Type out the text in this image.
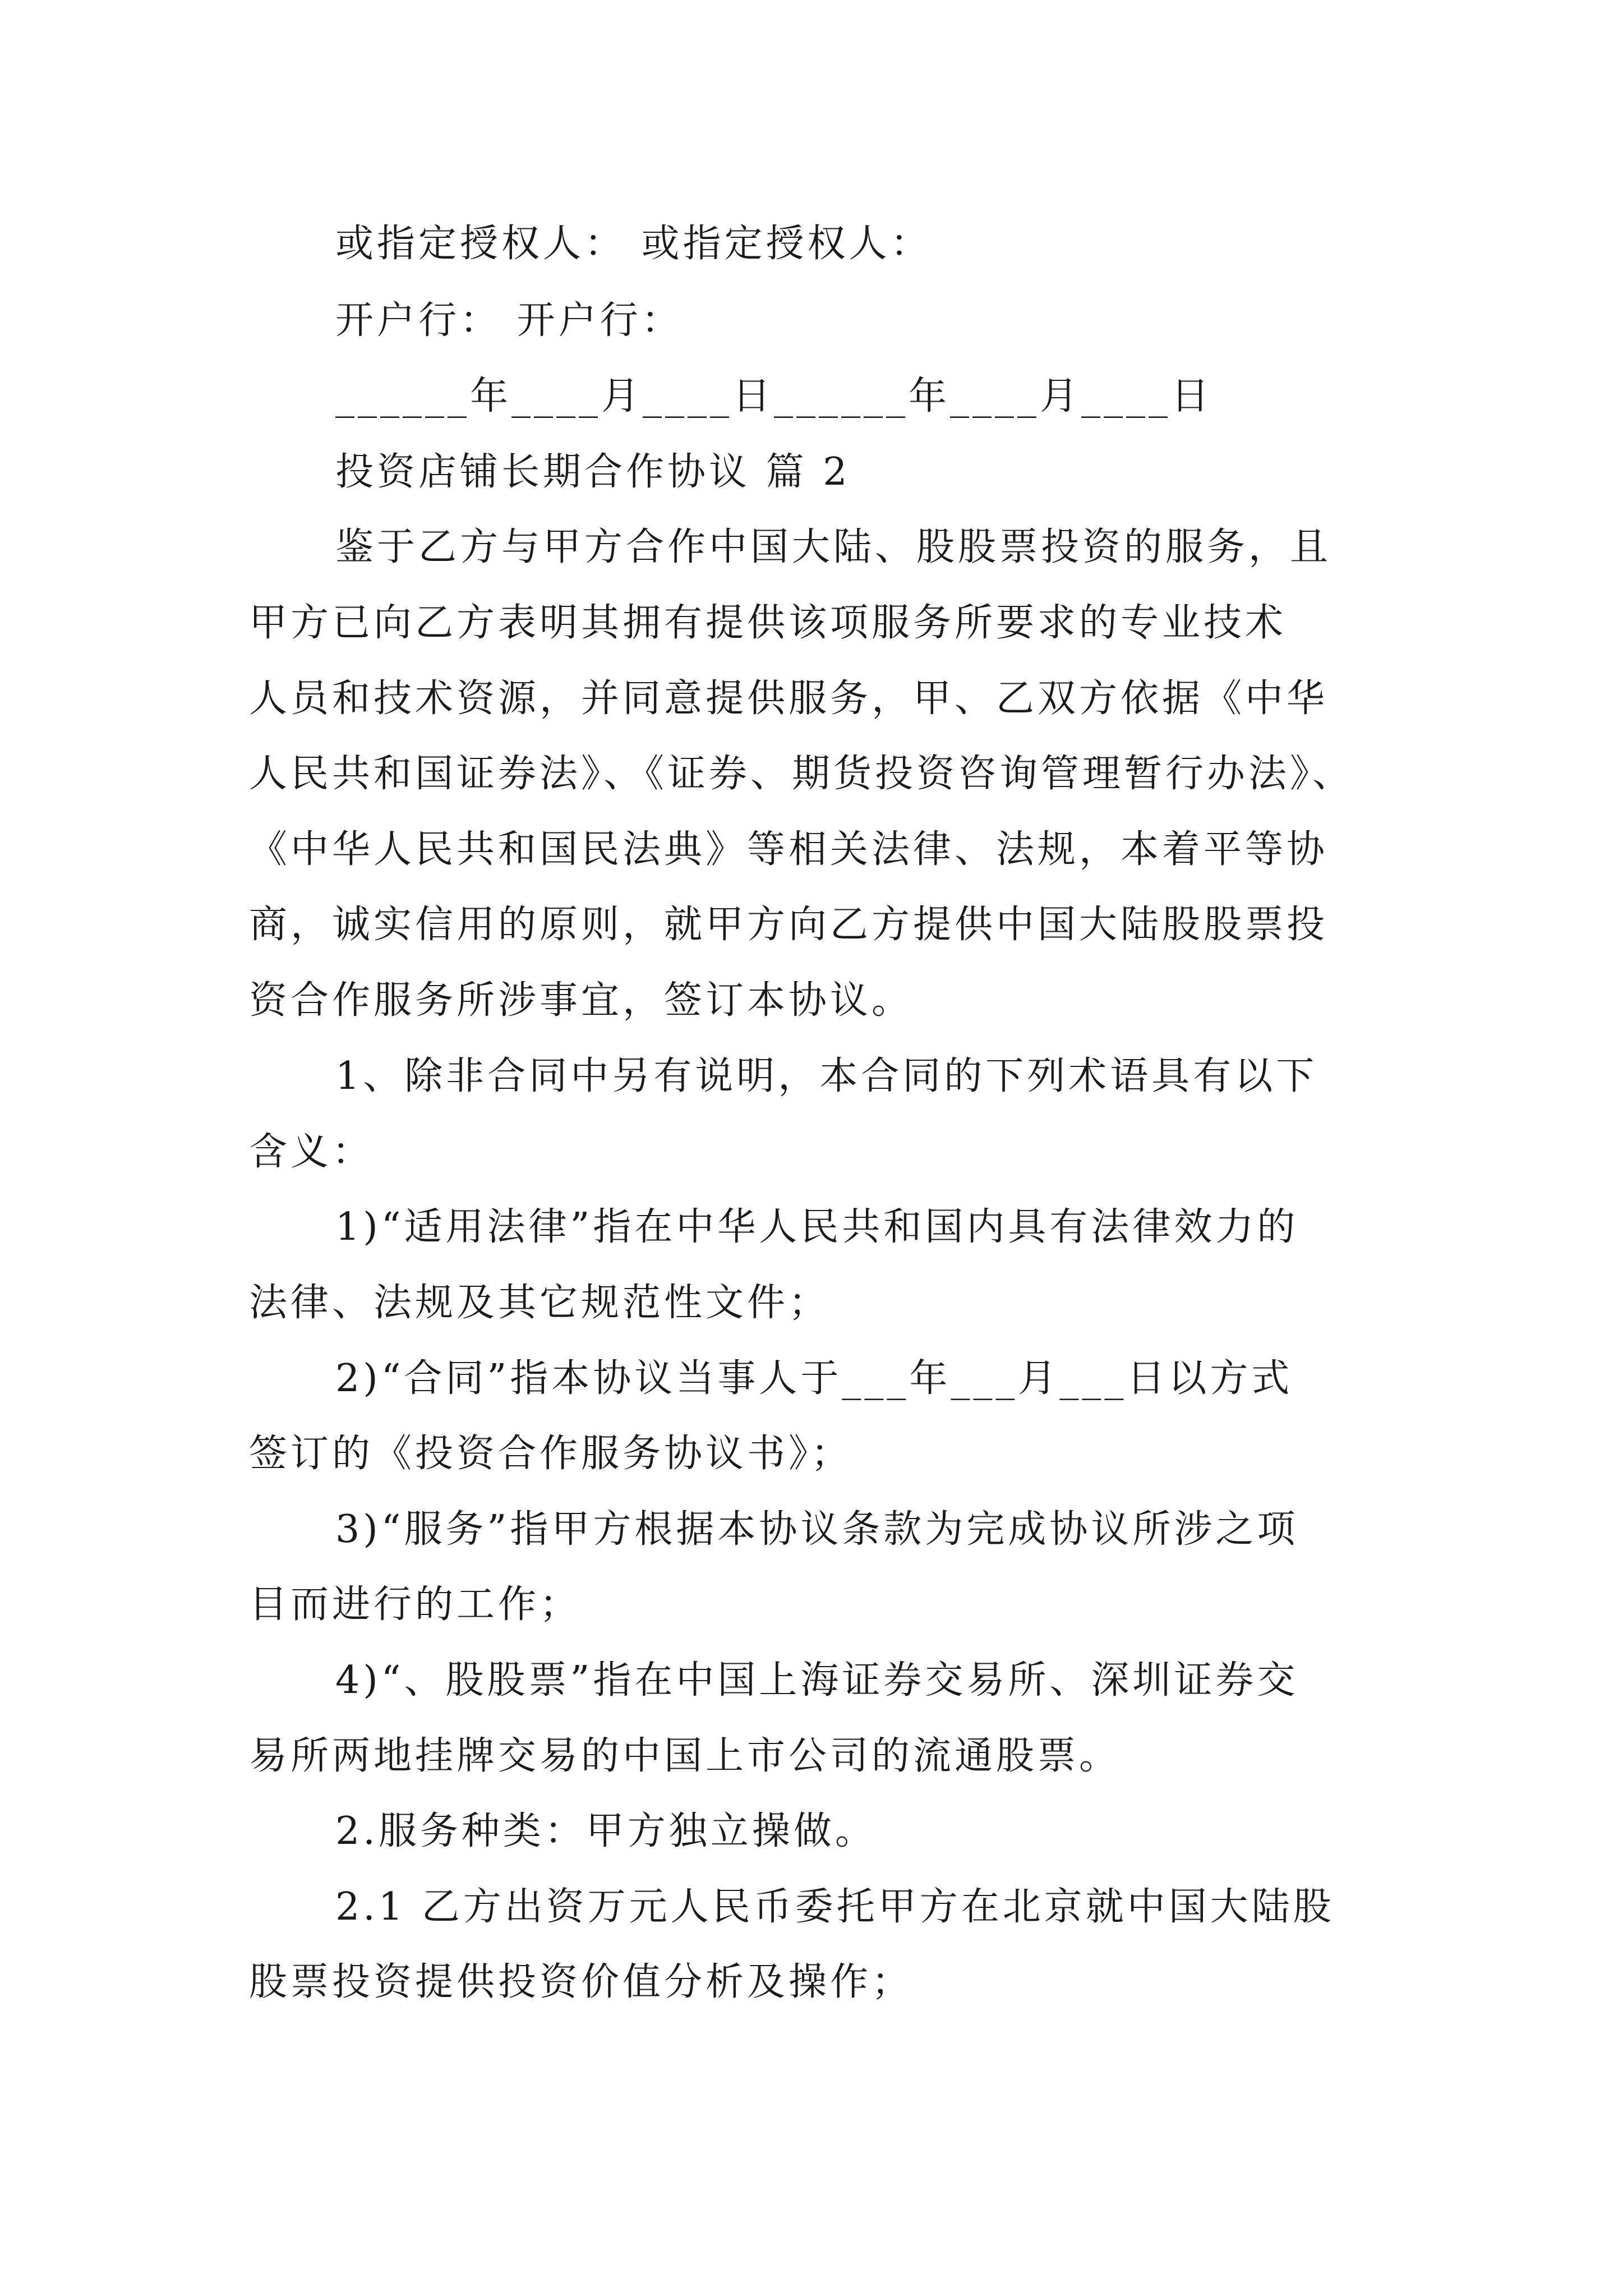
或指定授权人： 或指定授权人：
开户行： 开户行：
______年____月____日______年____月____日
投资店铺长期合作协议 篇 2
鉴于乙方与甲方合作中国大陆、股股票投资的服务，且
甲方已向乙方表明其拥有提供该项服务所要求的专业技术
人员和技术资源，并同意提供服务，甲、乙双方依据《中华
人民共和国证券法》、《证券、期货投资咨询管理暂行办法》、
《中华人民共和国民法典》等相关法律、法规，本着平等协
商，诚实信用的原则，就甲方向乙方提供中国大陆股股票投
资合作服务所涉事宜，签订本协议。
1、除非合同中另有说明，本合同的下列术语具有以下
含义：
1)“适用法律”指在中华人民共和国内具有法律效力的
法律、法规及其它规范性文件；
2)“合同”指本协议当事人于___年___月___日以方式
签订的《投资合作服务协议书》；
3)“服务”指甲方根据本协议条款为完成协议所涉之项
目而进行的工作；
4)“、股股票”指在中国上海证券交易所、深圳证券交
易所两地挂牌交易的中国上市公司的流通股票。
2.服务种类：甲方独立操做。
2.1 乙方出资万元人民币委托甲方在北京就中国大陆股
股票投资提供投资价值分析及操作；
